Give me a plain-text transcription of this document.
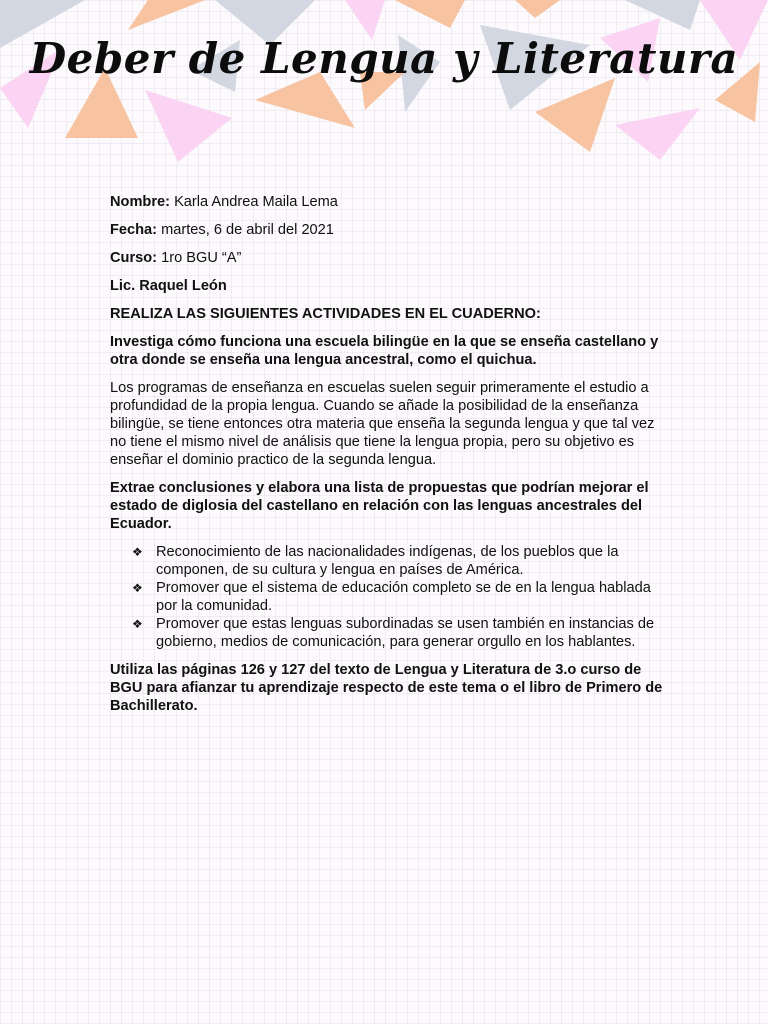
Deber de Lengua y Literatura

Nombre: Karla Andrea Maila Lema

Fecha: martes, 6 de abril del 2021

Curso: 1ro BGU “A”

Lic. Raquel León

REALIZA LAS SIGUIENTES ACTIVIDADES EN EL CUADERNO:

Investiga cómo funciona una escuela bilingüe en la que se enseña castellano y otra donde se enseña una lengua ancestral, como el quichua.

Los programas de enseñanza en escuelas suelen seguir primeramente el estudio a profundidad de la propia lengua. Cuando se añade la posibilidad de la enseñanza bilingüe, se tiene entonces otra materia que enseña la segunda lengua y que tal vez no tiene el mismo nivel de análisis que tiene la lengua propia, pero su objetivo es enseñar el dominio practico de la segunda lengua.

Extrae conclusiones y elabora una lista de propuestas que podrían mejorar el estado de diglosia del castellano en relación con las lenguas ancestrales del Ecuador.

❖ Reconocimiento de las nacionalidades indígenas, de los pueblos que la componen, de su cultura y lengua en países de América.
❖ Promover que el sistema de educación completo se de en la lengua hablada por la comunidad.
❖ Promover que estas lenguas subordinadas se usen también en instancias de gobierno, medios de comunicación, para generar orgullo en los hablantes.

Utiliza las páginas 126 y 127 del texto de Lengua y Literatura de 3.o curso de BGU para afianzar tu aprendizaje respecto de este tema o el libro de Primero de Bachillerato.
